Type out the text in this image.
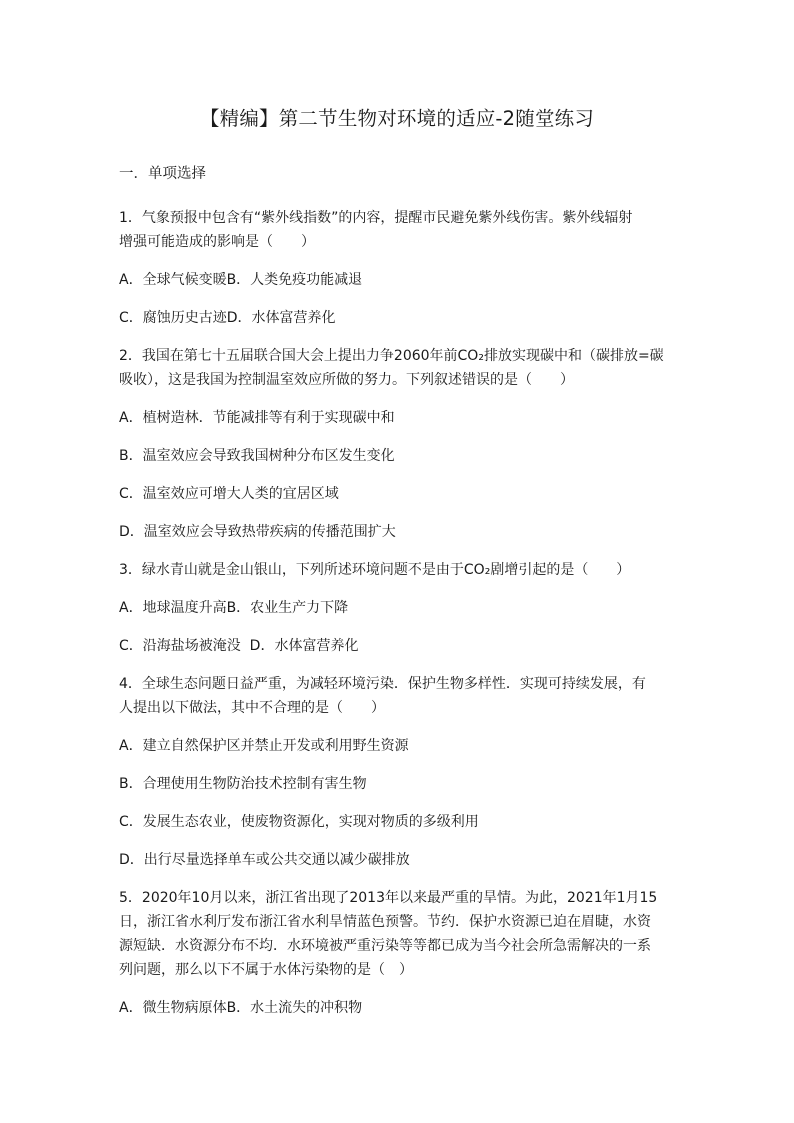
【精编】第二节生物对环境的适应-2随堂练习
一．单项选择
1．气象预报中包含有“紫外线指数”的内容，提醒市民避免紫外线伤害。紫外线辐射
增强可能造成的影响是（　　）
A．全球气候变暖B．人类免疫功能减退
C．腐蚀历史古迹D．水体富营养化
2．我国在第七十五届联合国大会上提出力争2060年前CO₂排放实现碳中和（碳排放=碳
吸收），这是我国为控制温室效应所做的努力。下列叙述错误的是（　　）
A．植树造林．节能减排等有利于实现碳中和
B．温室效应会导致我国树种分布区发生变化
C．温室效应可增大人类的宜居区域
D．温室效应会导致热带疾病的传播范围扩大
3．绿水青山就是金山银山，下列所述环境问题不是由于CO₂剧增引起的是（　　）
A．地球温度升高B．农业生产力下降
C．沿海盐场被淹没  D．水体富营养化
4．全球生态问题日益严重，为减轻环境污染．保护生物多样性．实现可持续发展，有
人提出以下做法，其中不合理的是（　　）
A．建立自然保护区并禁止开发或利用野生资源
B．合理使用生物防治技术控制有害生物
C．发展生态农业，使废物资源化，实现对物质的多级利用
D．出行尽量选择单车或公共交通以减少碳排放
5．2020年10月以来，浙江省出现了2013年以来最严重的旱情。为此，2021年1月15
日，浙江省水利厅发布浙江省水利旱情蓝色预警。节约．保护水资源已迫在眉睫，水资
源短缺．水资源分布不均．水环境被严重污染等等都已成为当今社会所急需解决的一系
列问题，那么以下不属于水体污染物的是（　）
A．微生物病原体B．水土流失的冲积物
